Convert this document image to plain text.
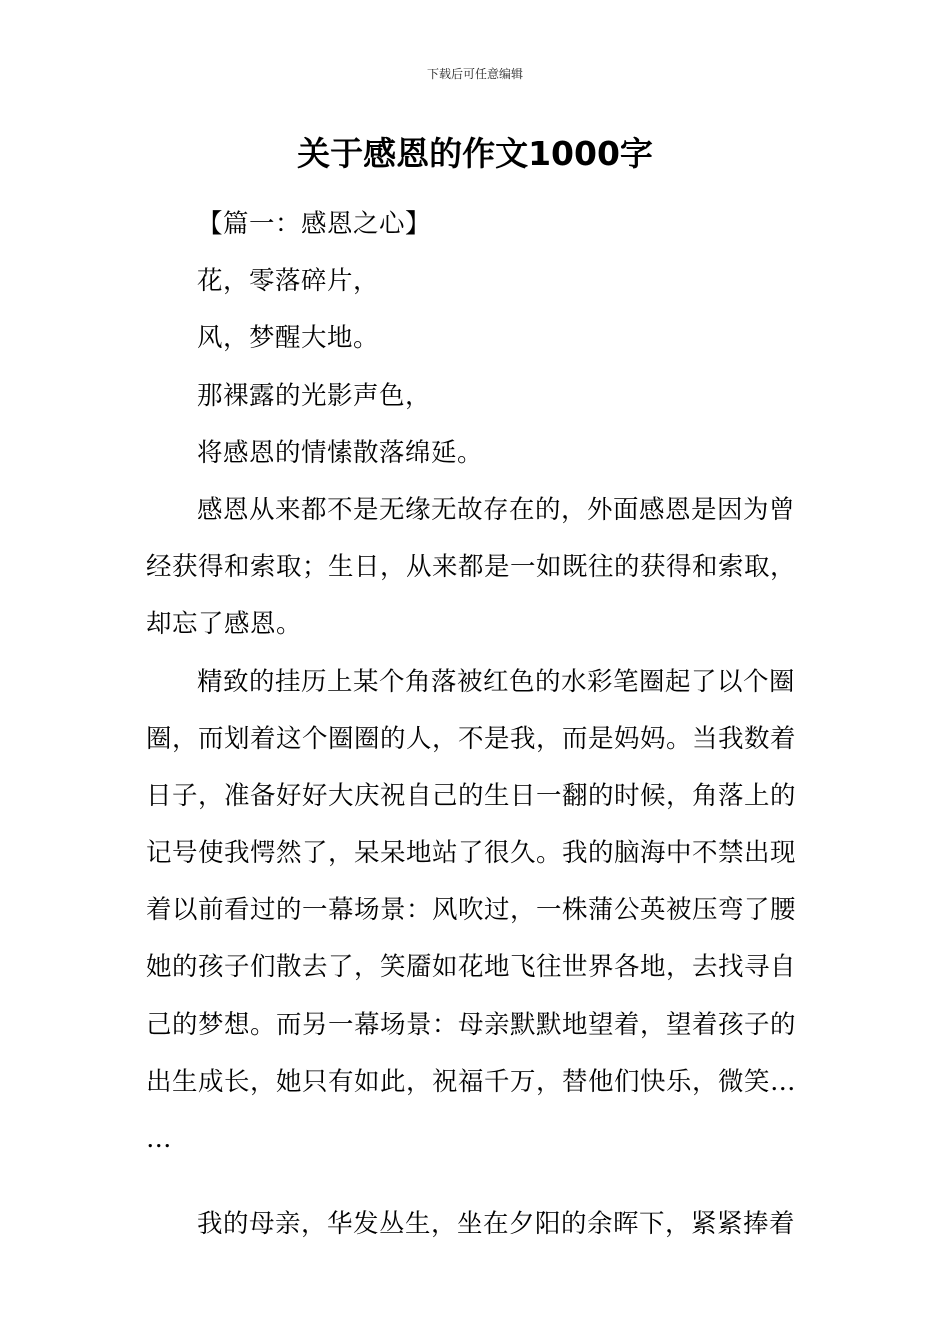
下载后可任意编辑
关于感恩的作文1000字
【篇一：感恩之心】
花，零落碎片，
风，梦醒大地。
那裸露的光影声色，
将感恩的情愫散落绵延。
感恩从来都不是无缘无故存在的，外面感恩是因为曾
经获得和索取；生日，从来都是一如既往的获得和索取，
却忘了感恩。
精致的挂历上某个角落被红色的水彩笔圈起了以个圈
圈，而划着这个圈圈的人，不是我，而是妈妈。当我数着
日子，准备好好大庆祝自己的生日一翻的时候，角落上的
记号使我愕然了，呆呆地站了很久。我的脑海中不禁出现
着以前看过的一幕场景：风吹过，一株蒲公英被压弯了腰
她的孩子们散去了，笑靥如花地飞往世界各地，去找寻自
己的梦想。而另一幕场景：母亲默默地望着，望着孩子的
出生成长，她只有如此，祝福千万，替他们快乐，微笑…
…
我的母亲，华发丛生，坐在夕阳的余晖下，紧紧捧着
